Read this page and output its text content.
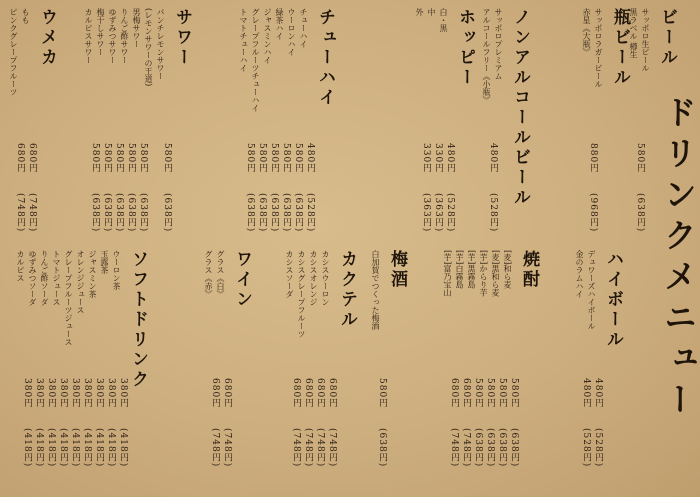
ドリンクメニュー
ビール
サッポロ生ビール
黒ラベル 樽生
580円
(638円)
瓶ビール
サッポロラガービール
赤星《大瓶》
880円
(968円)
ノンアルコールビール
サッポロプレミアム
アルコールフリー《小瓶》
480円
(528円)
ホッピー
白・黒
中
外
480円
(528円)
330円
(363円)
330円
(363円)
チューハイ
チューハイ
ウーロンハイ
緑茶ハイ
ジャスミンハイ
グレープフルーツチューハイ
トマトチューハイ
480円
(528円)
580円
(638円)
580円
(638円)
580円
(638円)
580円
(638円)
580円
(638円)
サワー
パンチレモンサワー
(レモンサワーの王道)
男梅サワー
りんご酢サワー
ゆずみつサワー
梅干しサワー
カルピスサワー
580円
(638円)
580円
(638円)
580円
(638円)
580円
(638円)
580円
(638円)
580円
(638円)
ウメカ
もも
ピンクグレープフルーツ
680円
(748円)
680円
(748円)
ハイボール
デュワーズハイボール
金のラムハイ
480円
(528円)
480円
(528円)
焼酎
[麦]和ら麦
[麦]黒和ら麦
[芋]からり芋
[芋]黒霧島
[芋]白霧島
[芋]富乃宝山
580円
(638円)
580円
(638円)
580円
(638円)
580円
(638円)
680円
(748円)
680円
(748円)
梅酒
白加賀でつくった梅酒
580円
(638円)
カクテル
カシスウーロン
カシスオレンジ
カシスグレープフルーツ
カシスソーダ
680円
(748円)
680円
(748円)
680円
(748円)
680円
(748円)
ワイン
グラス《白》
グラス《赤》
680円
(748円)
680円
(748円)
ソフトドリンク
ウーロン茶
玉露茶
ジャスミン茶
オレンジジュース
グレープフルーツジュース
トマトジュース
りんご酢ソーダ
ゆずみつソーダ
カルピス
380円
(418円)
380円
(418円)
380円
(418円)
380円
(418円)
380円
(418円)
380円
(418円)
380円
(418円)
380円
(418円)
380円
(418円)
